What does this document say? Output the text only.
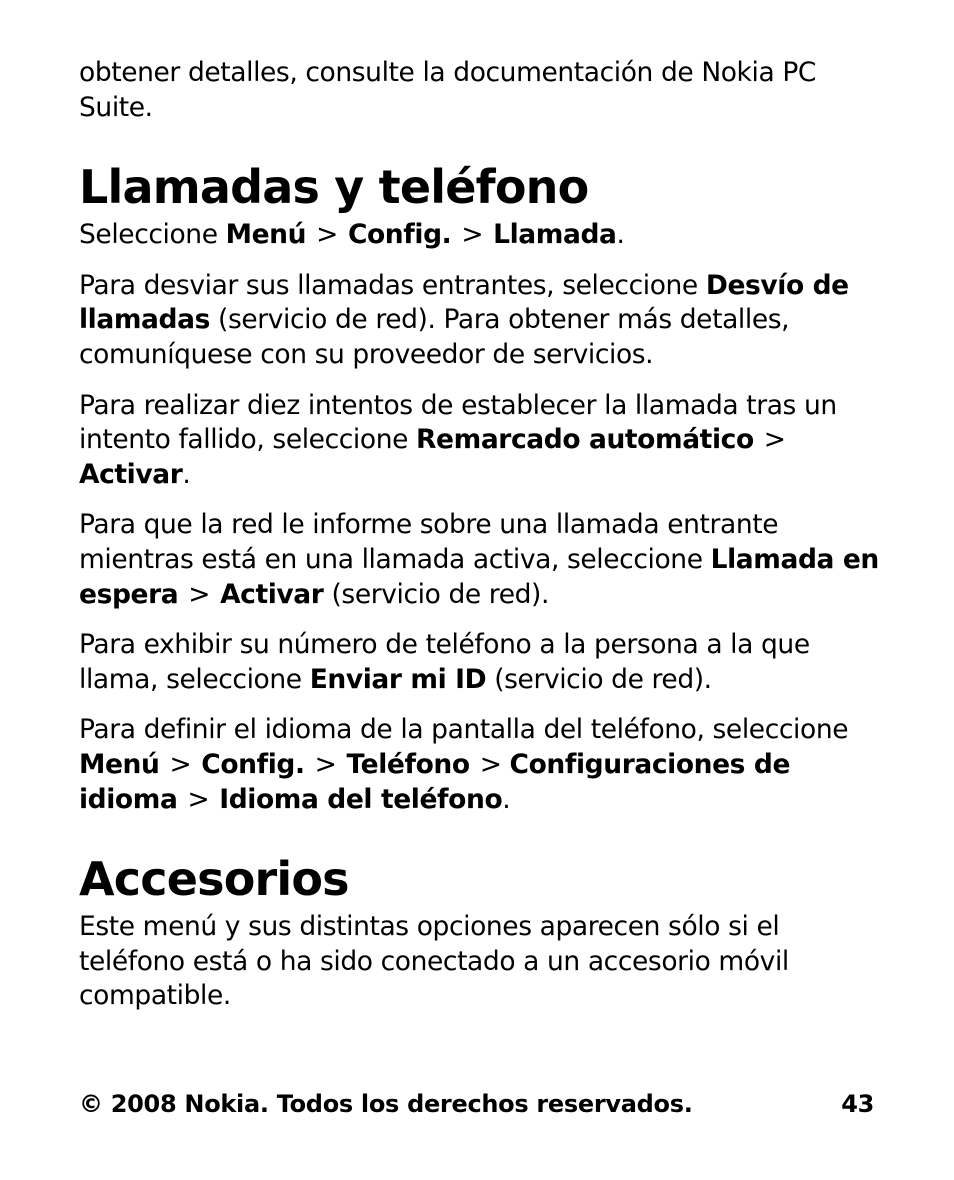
obtener detalles, consulte la documentación de Nokia PC Suite.

Llamadas y teléfono

Seleccione Menú > Config. > Llamada.

Para desviar sus llamadas entrantes, seleccione Desvío de llamadas (servicio de red). Para obtener más detalles, comuníquese con su proveedor de servicios.

Para realizar diez intentos de establecer la llamada tras un intento fallido, seleccione Remarcado automático > Activar.

Para que la red le informe sobre una llamada entrante mientras está en una llamada activa, seleccione Llamada en espera > Activar (servicio de red).

Para exhibir su número de teléfono a la persona a la que llama, seleccione Enviar mi ID (servicio de red).

Para definir el idioma de la pantalla del teléfono, seleccione Menú > Config. > Teléfono > Configuraciones de idioma > Idioma del teléfono.

Accesorios

Este menú y sus distintas opciones aparecen sólo si el teléfono está o ha sido conectado a un accesorio móvil compatible.

© 2008 Nokia. Todos los derechos reservados.	43
